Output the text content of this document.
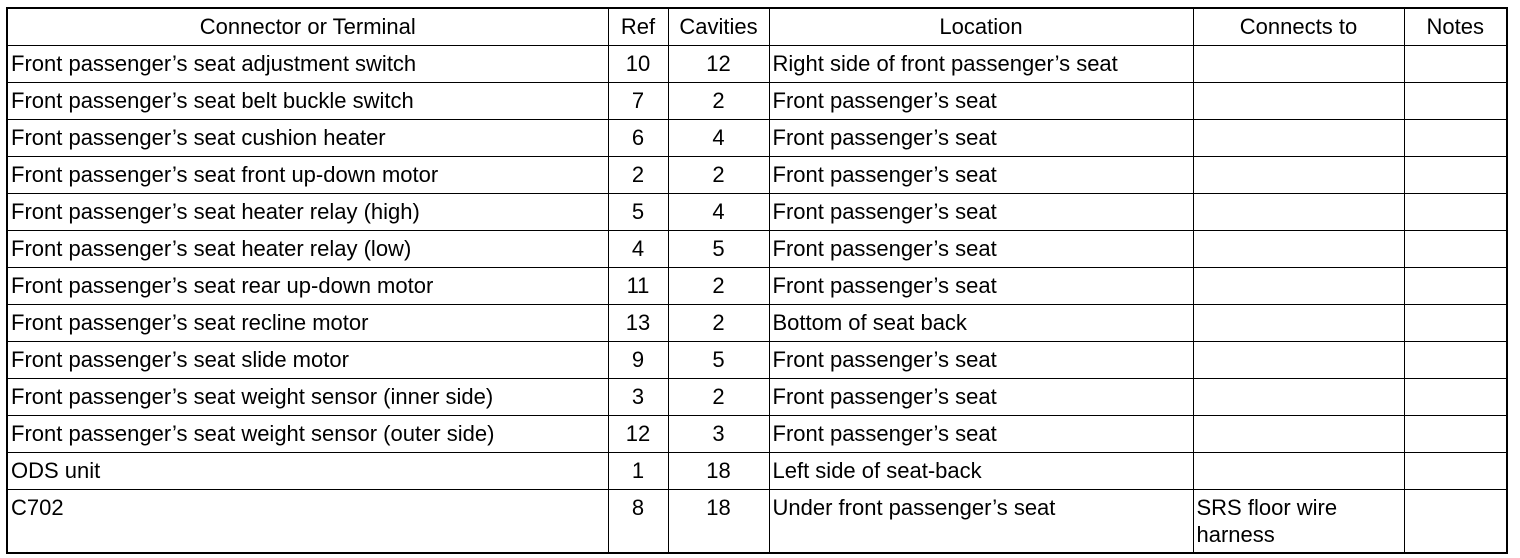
Connector or Terminal	Ref	Cavities	Location	Connects to	Notes
Front passenger’s seat adjustment switch	10	12	Right side of front passenger’s seat		
Front passenger’s seat belt buckle switch	7	2	Front passenger’s seat		
Front passenger’s seat cushion heater	6	4	Front passenger’s seat		
Front passenger’s seat front up-down motor	2	2	Front passenger’s seat		
Front passenger’s seat heater relay (high)	5	4	Front passenger’s seat		
Front passenger’s seat heater relay (low)	4	5	Front passenger’s seat		
Front passenger’s seat rear up-down motor	11	2	Front passenger’s seat		
Front passenger’s seat recline motor	13	2	Bottom of seat back		
Front passenger’s seat slide motor	9	5	Front passenger’s seat		
Front passenger’s seat weight sensor (inner side)	3	2	Front passenger’s seat		
Front passenger’s seat weight sensor (outer side)	12	3	Front passenger’s seat		
ODS unit	1	18	Left side of seat-back		
C702	8	18	Under front passenger’s seat	SRS floor wire harness	
